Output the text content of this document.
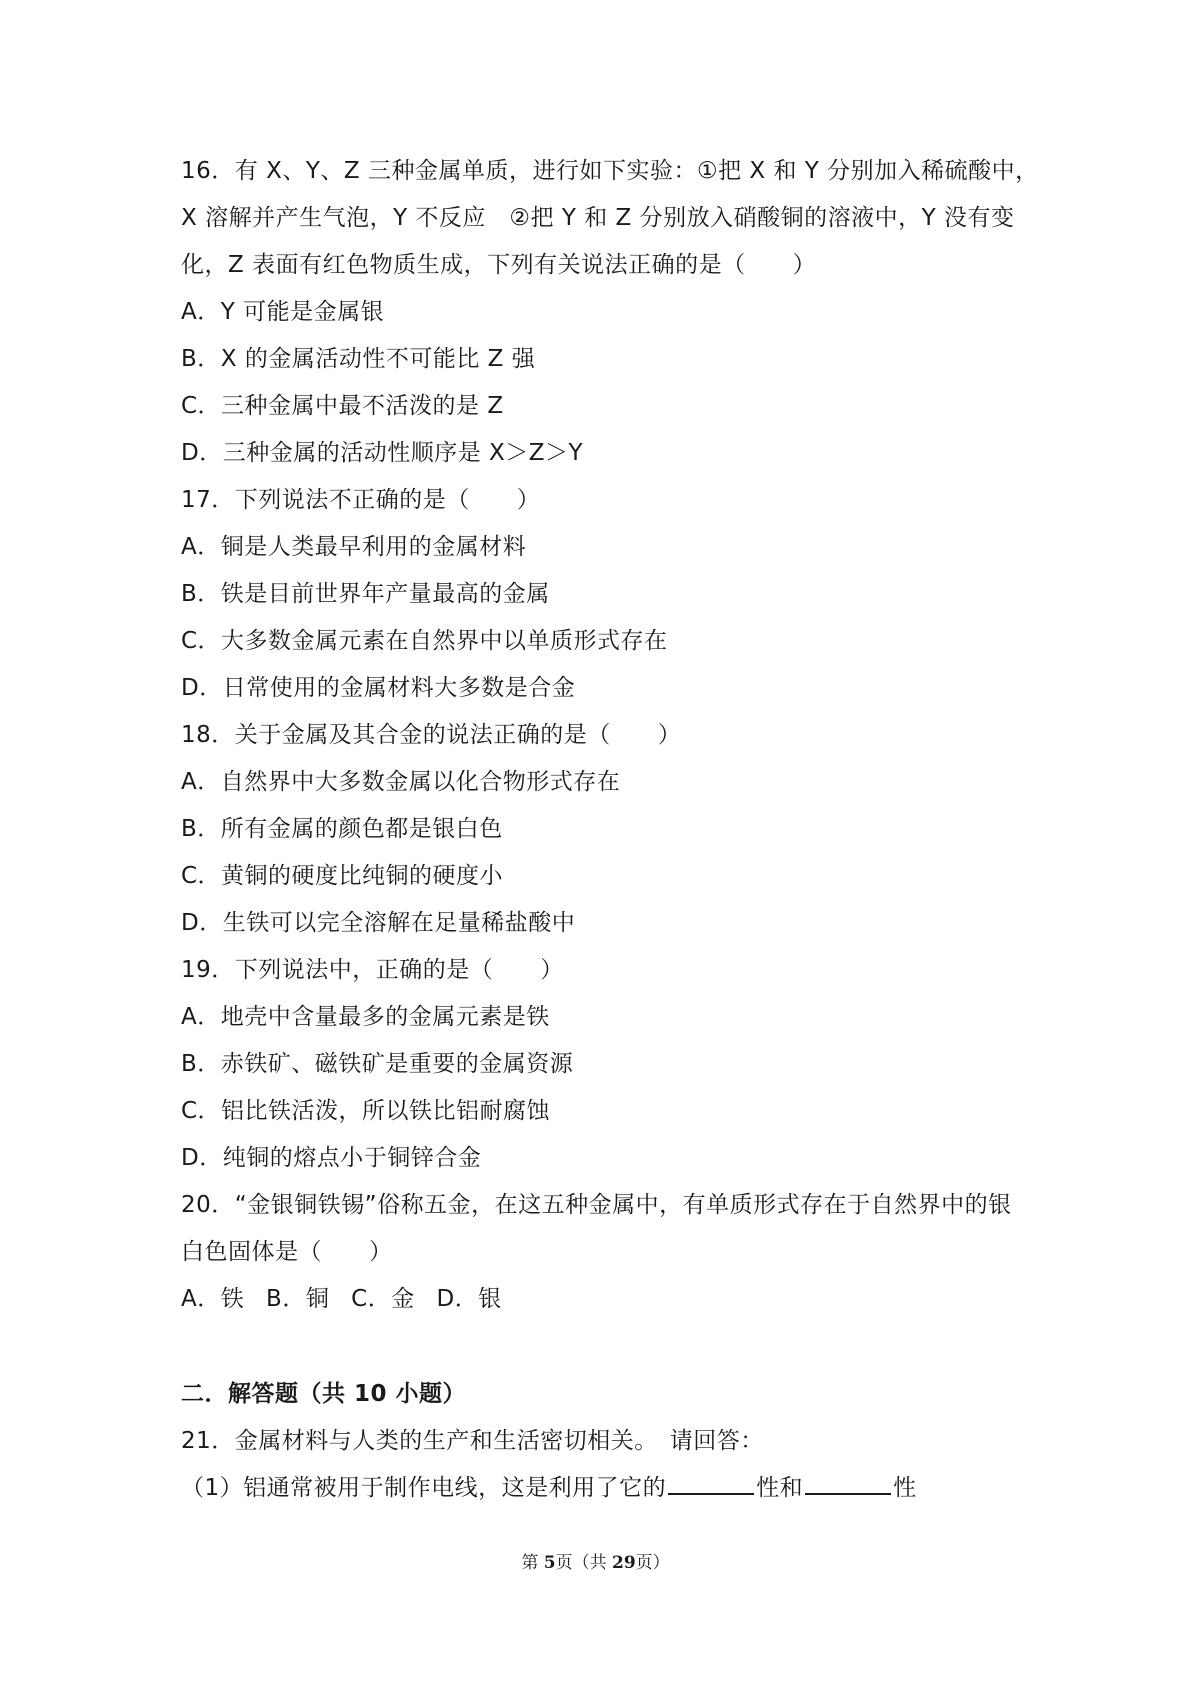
16．有 X、Y、Z 三种金属单质，进行如下实验：①把 X 和 Y 分别加入稀硫酸中，
X 溶解并产生气泡，Y 不反应　②把 Y 和 Z 分别放入硝酸铜的溶液中，Y 没有变
化，Z 表面有红色物质生成，下列有关说法正确的是（　　）
A．Y 可能是金属银
B．X 的金属活动性不可能比 Z 强
C．三种金属中最不活泼的是 Z
D．三种金属的活动性顺序是 X＞Z＞Y
17．下列说法不正确的是（　　）
A．铜是人类最早利用的金属材料
B．铁是目前世界年产量最高的金属
C．大多数金属元素在自然界中以单质形式存在
D．日常使用的金属材料大多数是合金
18．关于金属及其合金的说法正确的是（　　）
A．自然界中大多数金属以化合物形式存在
B．所有金属的颜色都是银白色
C．黄铜的硬度比纯铜的硬度小
D．生铁可以完全溶解在足量稀盐酸中
19．下列说法中，正确的是（　　）
A．地壳中含量最多的金属元素是铁
B．赤铁矿、磁铁矿是重要的金属资源
C．铝比铁活泼，所以铁比铝耐腐蚀
D．纯铜的熔点小于铜锌合金
20．“金银铜铁锡”俗称五金，在这五种金属中，有单质形式存在于自然界中的银
白色固体是（　　）
A．铁 B．铜 C．金 D．银
二．解答题（共 10 小题）
21．金属材料与人类的生产和生活密切相关。　请回答：
（1）铝通常被用于制作电线，这是利用了它的	性和	性
第 5页（共 29页）
